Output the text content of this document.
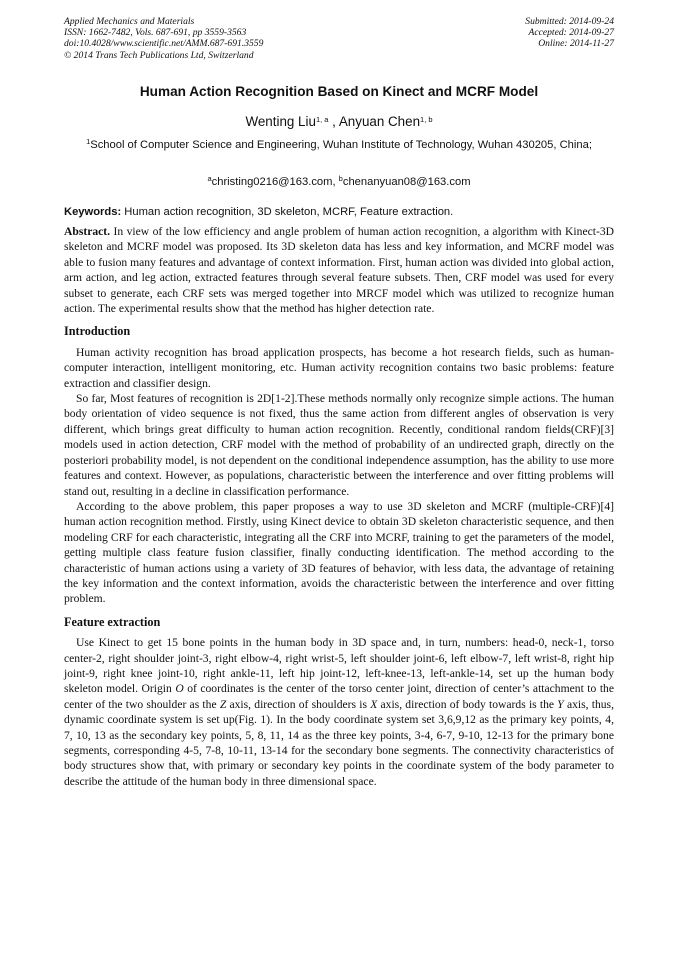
Applied Mechanics and Materials
ISSN: 1662-7482, Vols. 687-691, pp 3559-3563
doi:10.4028/www.scientific.net/AMM.687-691.3559
© 2014 Trans Tech Publications Ltd, Switzerland
Submitted: 2014-09-24
Accepted: 2014-09-27
Online: 2014-11-27
Human Action Recognition Based on Kinect and MCRF Model
Wenting Liu$^{1, a}$ , Anyuan Chen$^{1, b}$
$^1$School of Computer Science and Engineering, Wuhan Institute of Technology, Wuhan 430205, China;
$^a$christing0216@163.com, $^b$chenanyuan08@163.com
Keywords: Human action recognition, 3D skeleton, MCRF, Feature extraction.

Abstract. In view of the low efficiency and angle problem of human action recognition, a algorithm with Kinect-3D skeleton and MCRF model was proposed. Its 3D skeleton data has less and key information, and MCRF model was able to fusion many features and advantage of context information. First, human action was divided into global action, arm action, and leg action, extracted features through several feature subsets. Then, CRF model was used for every subset to generate, each CRF sets was merged together into MRCF model which was utilized to recognize human action. The experimental results show that the method has higher detection rate.

Introduction

Human activity recognition has broad application prospects, has become a hot research fields, such as human-computer interaction, intelligent monitoring, etc. Human activity recognition contains two basic problems: feature extraction and classifier design.

So far, Most features of recognition is 2D[1-2].These methods normally only recognize simple actions. The human body orientation of video sequence is not fixed, thus the same action from different angles of observation is very different, which brings great difficulty to human action recognition. Recently, conditional random fields(CRF)[3] models used in action detection, CRF model with the method of probability of an undirected graph, directly on the posteriori probability model, is not dependent on the conditional independence assumption, has the ability to use more features and context. However, as populations, characteristic between the interference and over fitting problems will stand out, resulting in a decline in classification performance.

According to the above problem, this paper proposes a way to use 3D skeleton and MCRF (multiple-CRF)[4] human action recognition method. Firstly, using Kinect device to obtain 3D skeleton characteristic sequence, and then modeling CRF for each characteristic, integrating all the CRF into MCRF, training to get the parameters of the model, getting multiple class feature fusion classifier, finally conducting identification. The method according to the characteristic of human actions using a variety of 3D features of behavior, with less data, the advantage of retaining the key information and the context information, avoids the characteristic between the interference and over fitting problem.

Feature extraction

Use Kinect to get 15 bone points in the human body in 3D space and, in turn, numbers: head-0, neck-1, torso center-2, right shoulder joint-3, right elbow-4, right wrist-5, left shoulder joint-6, left elbow-7, left wrist-8, right hip joint-9, right knee joint-10, right ankle-11, left hip joint-12, left-knee-13, left-ankle-14, set up the human body skeleton model. Origin O of coordinates is the center of the torso center joint, direction of center’s attachment to the center of the two shoulder as the Z axis, direction of shoulders is X axis, direction of body towards is the Y axis, thus, dynamic coordinate system is set up(Fig. 1). In the body coordinate system set 3,6,9,12 as the primary key points, 4, 7, 10, 13 as the secondary key points, 5, 8, 11, 14 as the three key points, 3-4, 6-7, 9-10, 12-13 for the primary bone segments, corresponding 4-5, 7-8, 10-11, 13-14 for the secondary bone segments. The connectivity characteristics of body structures show that, with primary or secondary key points in the coordinate system of the body parameter to describe the attitude of the human body in three dimensional space.
